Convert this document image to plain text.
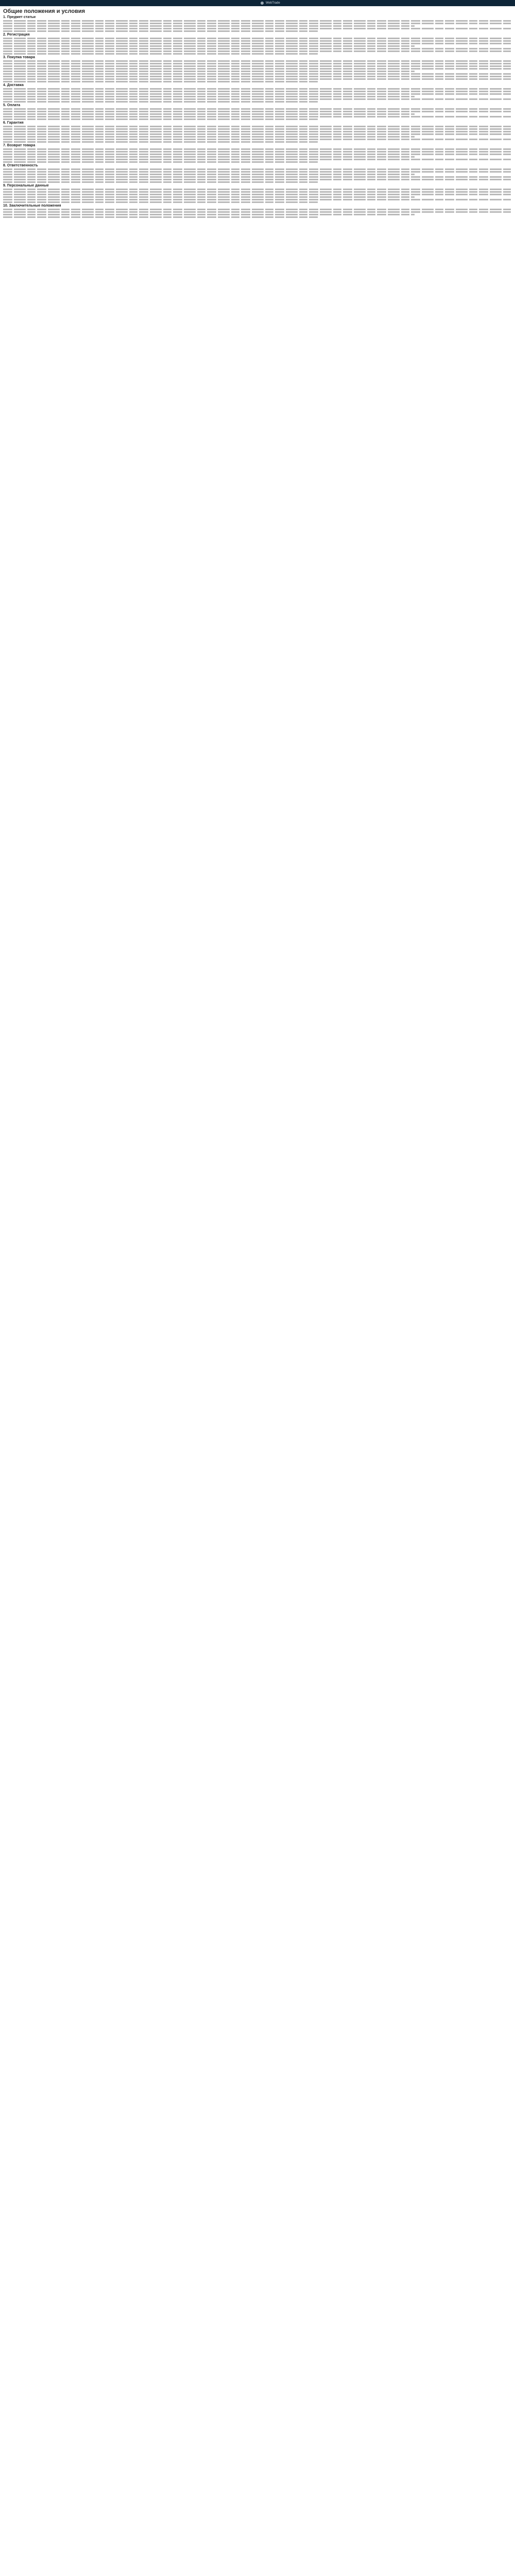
WebTrade
Общие положения и условия
1. Предмет статьи
2. Регистрация
3. Покупка товара
4. Доставка
5. Оплата
6. Гарантия
7. Возврат товара
8. Ответственность
9. Персональные данные
10. Заключительные положения
